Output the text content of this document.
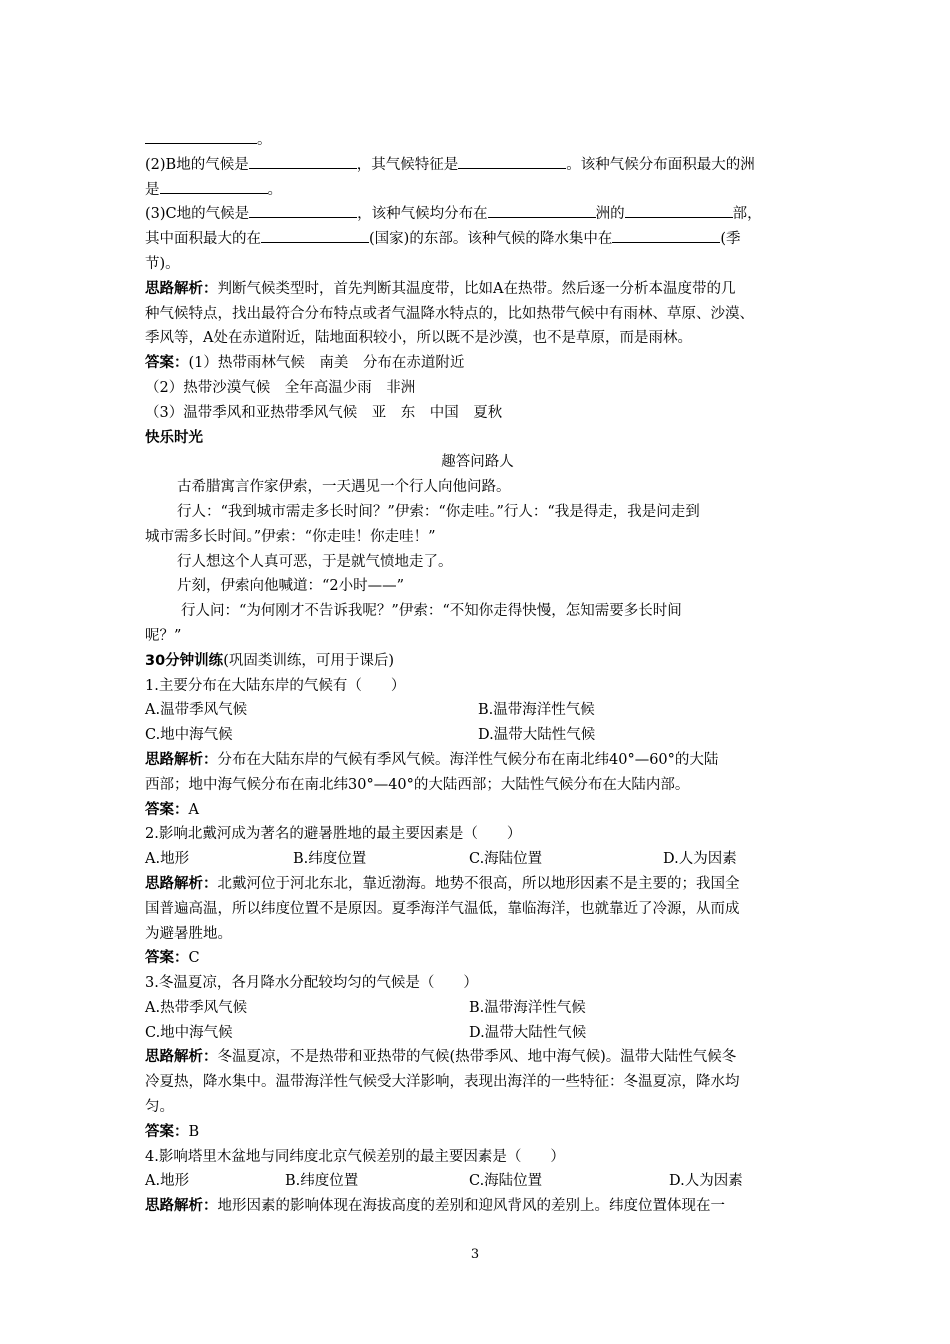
。
(2)B地的气候是	，其气候特征是	。该种气候分布面积最大的洲
是	。
(3)C地的气候是	，该种气候均分布在	洲的	部，
其中面积最大的在	(国家)的东部。该种气候的降水集中在	(季
节)。
思路解析：判断气候类型时，首先判断其温度带，比如A在热带。然后逐一分析本温度带的几
种气候特点，找出最符合分布特点或者气温降水特点的，比如热带气候中有雨林、草原、沙漠、
季风等，A处在赤道附近，陆地面积较小，所以既不是沙漠，也不是草原，而是雨林。
答案：(1）热带雨林气候　南美　分布在赤道附近
（2）热带沙漠气候　全年高温少雨　非洲
（3）温带季风和亚热带季风气候　亚　东　中国　夏秋
快乐时光
趣答问路人
古希腊寓言作家伊索，一天遇见一个行人向他问路。
行人：“我到城市需走多长时间？”伊索：“你走哇。”行人：“我是得走，我是问走到
城市需多长时间。”伊索：“你走哇！你走哇！”
行人想这个人真可恶，于是就气愤地走了。
片刻，伊索向他喊道：“2小时——”
行人问：“为何刚才不告诉我呢？”伊索：“不知你走得快慢，怎知需要多长时间
呢？”
30分钟训练(巩固类训练，可用于课后)
1.主要分布在大陆东岸的气候有（　　）
A.温带季风气候	B.温带海洋性气候
C.地中海气候	D.温带大陆性气候
思路解析：分布在大陆东岸的气候有季风气候。海洋性气候分布在南北纬40°—60°的大陆
西部；地中海气候分布在南北纬30°—40°的大陆西部；大陆性气候分布在大陆内部。
答案：A
2.影响北戴河成为著名的避暑胜地的最主要因素是（　　）
A.地形	B.纬度位置	C.海陆位置	D.人为因素
思路解析：北戴河位于河北东北，靠近渤海。地势不很高，所以地形因素不是主要的；我国全
国普遍高温，所以纬度位置不是原因。夏季海洋气温低，靠临海洋，也就靠近了冷源，从而成
为避暑胜地。
答案：C
3.冬温夏凉，各月降水分配较均匀的气候是（　　）
A.热带季风气候	B.温带海洋性气候
C.地中海气候	D.温带大陆性气候
思路解析：冬温夏凉，不是热带和亚热带的气候(热带季风、地中海气候)。温带大陆性气候冬
冷夏热，降水集中。温带海洋性气候受大洋影响，表现出海洋的一些特征：冬温夏凉，降水均
匀。
答案：B
4.影响塔里木盆地与同纬度北京气候差别的最主要因素是（　　）
A.地形	B.纬度位置	C.海陆位置	D.人为因素
思路解析：地形因素的影响体现在海拔高度的差别和迎风背风的差别上。纬度位置体现在一
3
